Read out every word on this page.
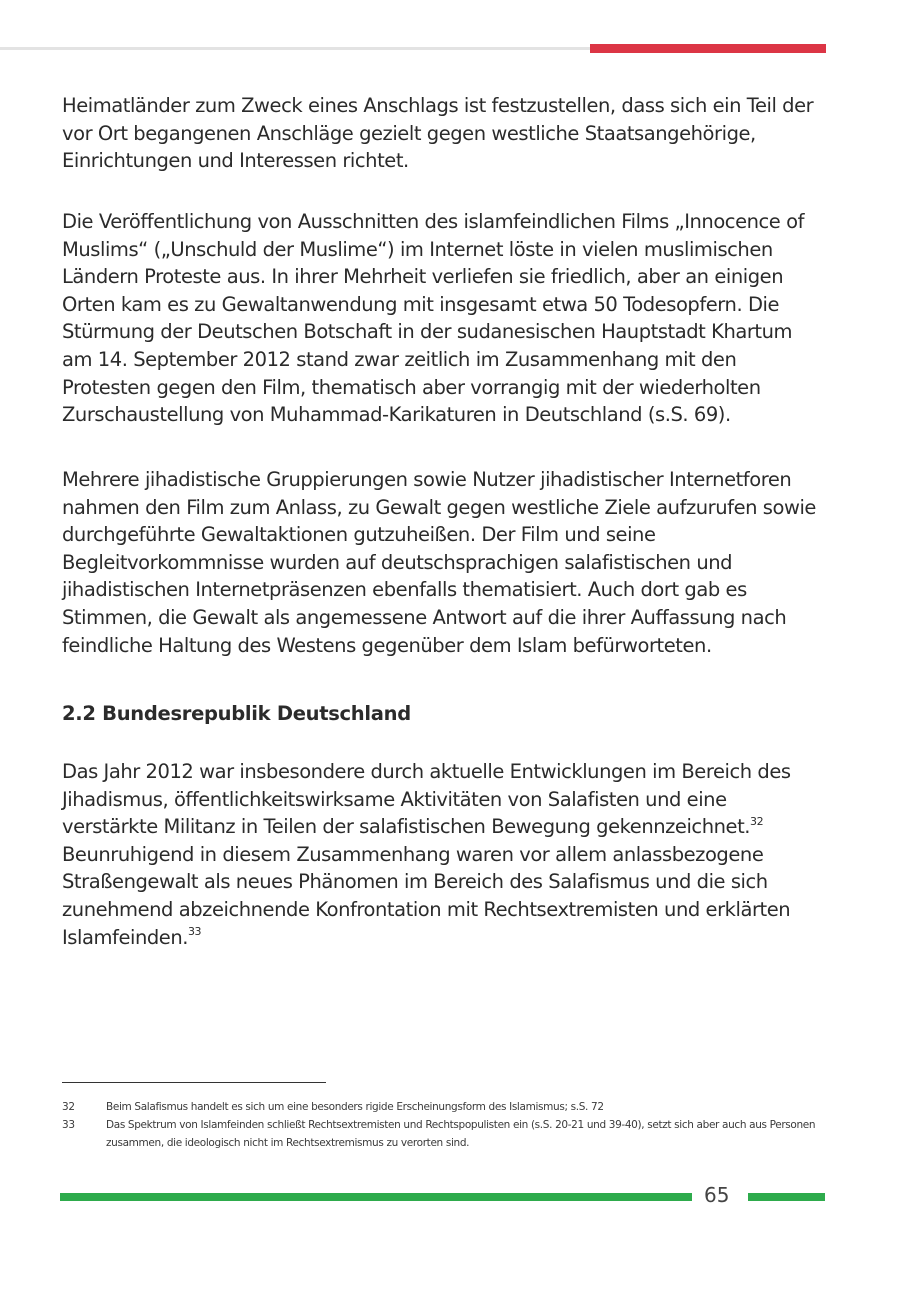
Heimatländer zum Zweck eines Anschlags ist festzustellen, dass sich ein Teil der vor Ort begangenen Anschläge gezielt gegen westliche Staatsangehörige, Einrichtungen und Interessen richtet.

Die Veröffentlichung von Ausschnitten des islamfeindlichen Films „Innocence of Muslims“ („Unschuld der Muslime“) im Internet löste in vielen muslimischen Ländern Proteste aus. In ihrer Mehrheit verliefen sie friedlich, aber an einigen Orten kam es zu Gewaltanwendung mit insgesamt etwa 50 Todesopfern. Die Stürmung der Deutschen Botschaft in der sudanesischen Hauptstadt Khartum am 14. September 2012 stand zwar zeitlich im Zusammenhang mit den Protesten gegen den Film, thematisch aber vorrangig mit der wiederholten Zurschaustellung von Muhammad-Karikaturen in Deutschland (s.S. 69).

Mehrere jihadistische Gruppierungen sowie Nutzer jihadistischer Internetforen nahmen den Film zum Anlass, zu Gewalt gegen westliche Ziele aufzurufen sowie durchgeführte Gewaltaktionen gutzuheißen. Der Film und seine Begleitvorkommnisse wurden auf deutschsprachigen salafistischen und jihadistischen Internetpräsenzen ebenfalls thematisiert. Auch dort gab es Stimmen, die Gewalt als angemessene Antwort auf die ihrer Auffassung nach feindliche Haltung des Westens gegenüber dem Islam befürworteten.

2.2 Bundesrepublik Deutschland

Das Jahr 2012 war insbesondere durch aktuelle Entwicklungen im Bereich des Jihadismus, öffentlichkeitswirksame Aktivitäten von Salafisten und eine verstärkte Militanz in Teilen der salafistischen Bewegung gekennzeichnet.$^{32}$ Beunruhigend in diesem Zusammenhang waren vor allem anlassbezogene Straßengewalt als neues Phänomen im Bereich des Salafismus und die sich zunehmend abzeichnende Konfrontation mit Rechtsextremisten und erklärten Islamfeinden.$^{33}$

32	Beim Salafismus handelt es sich um eine besonders rigide Erscheinungsform des Islamismus; s.S. 72
33	Das Spektrum von Islamfeinden schließt Rechtsextremisten und Rechtspopulisten ein (s.S. 20-21 und 39-40), setzt sich aber auch aus Personen zusammen, die ideologisch nicht im Rechtsextremismus zu verorten sind.
65
